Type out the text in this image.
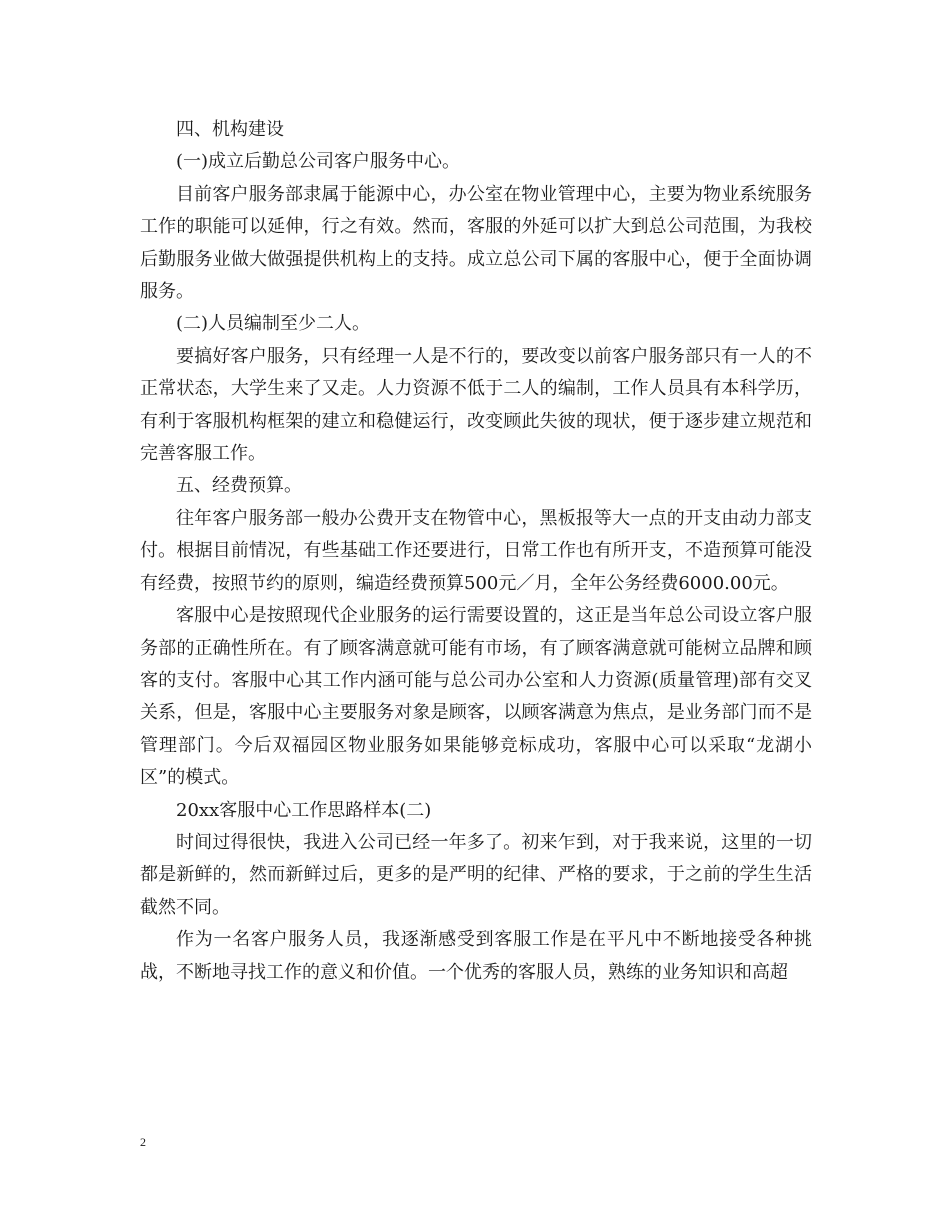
四、机构建设

(一)成立后勤总公司客户服务中心。

目前客户服务部隶属于能源中心，办公室在物业管理中心，主要为物业系统服务工作的职能可以延伸，行之有效。然而，客服的外延可以扩大到总公司范围，为我校后勤服务业做大做强提供机构上的支持。成立总公司下属的客服中心，便于全面协调服务。

(二)人员编制至少二人。

要搞好客户服务，只有经理一人是不行的，要改变以前客户服务部只有一人的不正常状态，大学生来了又走。人力资源不低于二人的编制，工作人员具有本科学历，有利于客服机构框架的建立和稳健运行，改变顾此失彼的现状，便于逐步建立规范和完善客服工作。

五、经费预算。

往年客户服务部一般办公费开支在物管中心，黑板报等大一点的开支由动力部支付。根据目前情况，有些基础工作还要进行，日常工作也有所开支，不造预算可能没有经费，按照节约的原则，编造经费预算500元／月，全年公务经费6000.00元。

客服中心是按照现代企业服务的运行需要设置的，这正是当年总公司设立客户服务部的正确性所在。有了顾客满意就可能有市场，有了顾客满意就可能树立品牌和顾客的支付。客服中心其工作内涵可能与总公司办公室和人力资源(质量管理)部有交叉关系，但是，客服中心主要服务对象是顾客，以顾客满意为焦点，是业务部门而不是管理部门。今后双福园区物业服务如果能够竞标成功，客服中心可以采取“龙湖小区”的模式。

20xx客服中心工作思路样本(二)

时间过得很快，我进入公司已经一年多了。初来乍到，对于我来说，这里的一切都是新鲜的，然而新鲜过后，更多的是严明的纪律、严格的要求，于之前的学生生活截然不同。

作为一名客户服务人员，我逐渐感受到客服工作是在平凡中不断地接受各种挑战，不断地寻找工作的意义和价值。一个优秀的客服人员，熟练的业务知识和高超

2
